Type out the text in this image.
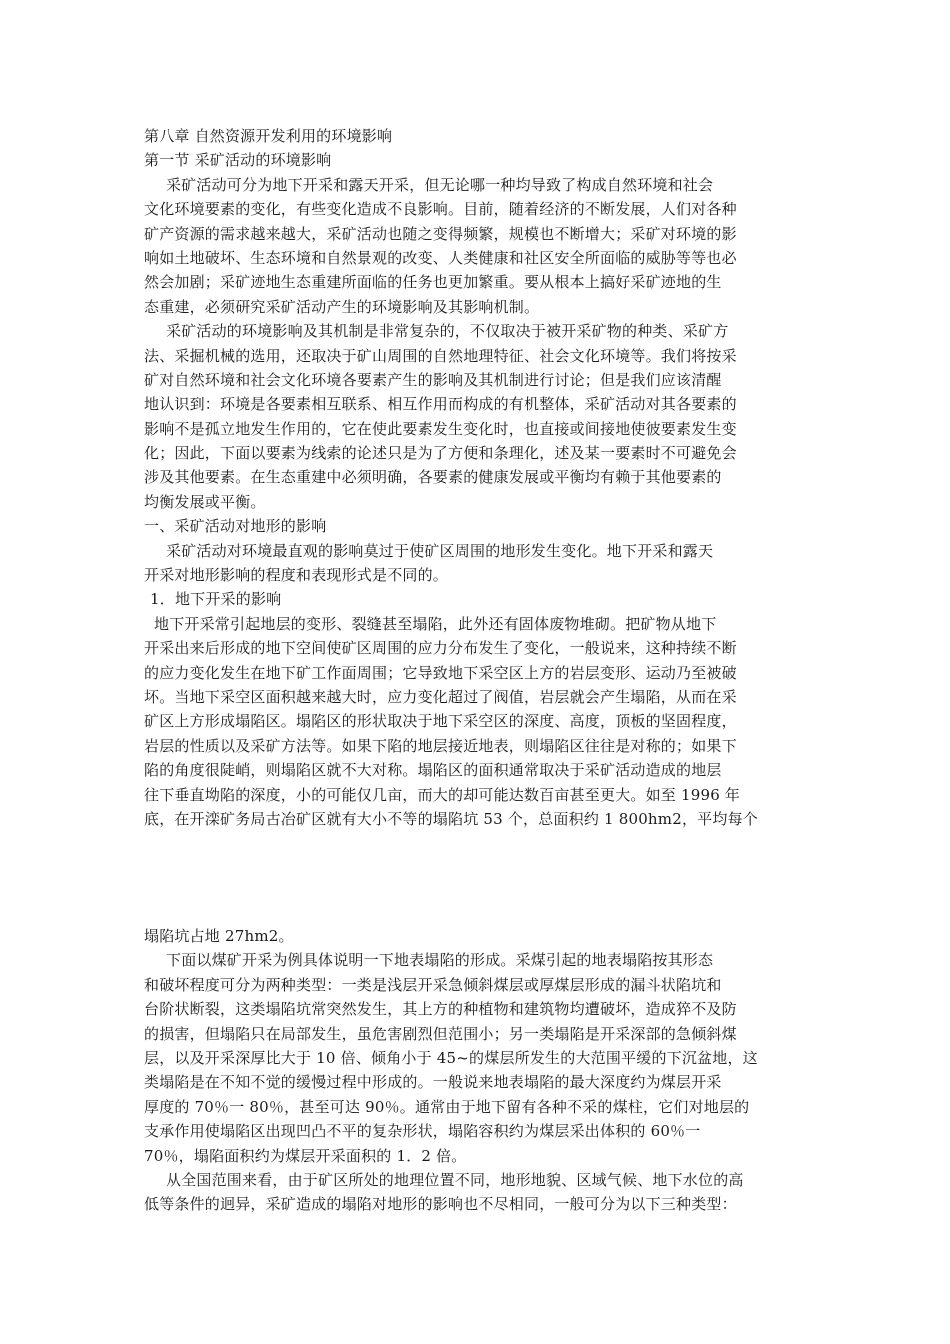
第八章 自然资源开发利用的环境影响
第一节 采矿活动的环境影响
采矿活动可分为地下开采和露天开采，但无论哪一种均导致了构成自然环境和社会
文化环境要素的变化，有些变化造成不良影响。目前，随着经济的不断发展，人们对各种
矿产资源的需求越来越大，采矿活动也随之变得频繁，规模也不断增大；采矿对环境的影
响如土地破坏、生态环境和自然景观的改变、人类健康和社区安全所面临的威胁等等也必
然会加剧；采矿迹地生态重建所面临的任务也更加繁重。要从根本上搞好采矿迹地的生
态重建，必须研究采矿活动产生的环境影响及其影响机制。
采矿活动的环境影响及其机制是非常复杂的，不仅取决于被开采矿物的种类、采矿方
法、采掘机械的选用，还取决于矿山周围的自然地理特征、社会文化环境等。我们将按采
矿对自然环境和社会文化环境各要素产生的影响及其机制进行讨论；但是我们应该清醒
地认识到：环境是各要素相互联系、相互作用而构成的有机整体，采矿活动对其各要素的
影响不是孤立地发生作用的，它在使此要素发生变化时，也直接或间接地使彼要素发生变
化；因此，下面以要素为线索的论述只是为了方便和条理化，述及某一要素时不可避免会
涉及其他要素。在生态重建中必须明确，各要素的健康发展或平衡均有赖于其他要素的
均衡发展或平衡。
一、采矿活动对地形的影响
采矿活动对环境最直观的影响莫过于使矿区周围的地形发生变化。地下开采和露天
开采对地形影响的程度和表现形式是不同的。
1．地下开采的影响
地下开采常引起地层的变形、裂缝甚至塌陷，此外还有固体废物堆砌。把矿物从地下
开采出来后形成的地下空间使矿区周围的应力分布发生了变化，一般说来，这种持续不断
的应力变化发生在地下矿工作面周围；它导致地下采空区上方的岩层变形、运动乃至被破
坏。当地下采空区面积越来越大时，应力变化超过了阀值，岩层就会产生塌陷，从而在采
矿区上方形成塌陷区。塌陷区的形状取决于地下采空区的深度、高度，顶板的坚固程度，
岩层的性质以及采矿方法等。如果下陷的地层接近地表，则塌陷区往往是对称的；如果下
陷的角度很陡峭，则塌陷区就不大对称。塌陷区的面积通常取决于采矿活动造成的地层
往下垂直坳陷的深度，小的可能仅几亩，而大的却可能达数百亩甚至更大。如至 1996 年
底，在开滦矿务局古冶矿区就有大小不等的塌陷坑 53 个，总面积约 1 800hm2，平均每个
塌陷坑占地 27hm2。
下面以煤矿开采为例具体说明一下地表塌陷的形成。采煤引起的地表塌陷按其形态
和破坏程度可分为两种类型：一类是浅层开采急倾斜煤层或厚煤层形成的漏斗状陷坑和
台阶状断裂，这类塌陷坑常突然发生，其上方的种植物和建筑物均遭破坏，造成猝不及防
的损害，但塌陷只在局部发生，虽危害剧烈但范围小；另一类塌陷是开采深部的急倾斜煤
层，以及开采深厚比大于 10 倍、倾角小于 45~的煤层所发生的大范围平缓的下沉盆地，这
类塌陷是在不知不觉的缓慢过程中形成的。一般说来地表塌陷的最大深度约为煤层开采
厚度的 70％一 80％，甚至可达 90％。通常由于地下留有各种不采的煤柱，它们对地层的
支承作用使塌陷区出现凹凸不平的复杂形状，塌陷容积约为煤层采出体积的 60％一
70％，塌陷面积约为煤层开采面积的 1．2 倍。
从全国范围来看，由于矿区所处的地理位置不同，地形地貌、区域气候、地下水位的高
低等条件的迥异，采矿造成的塌陷对地形的影响也不尽相同，一般可分为以下三种类型：
